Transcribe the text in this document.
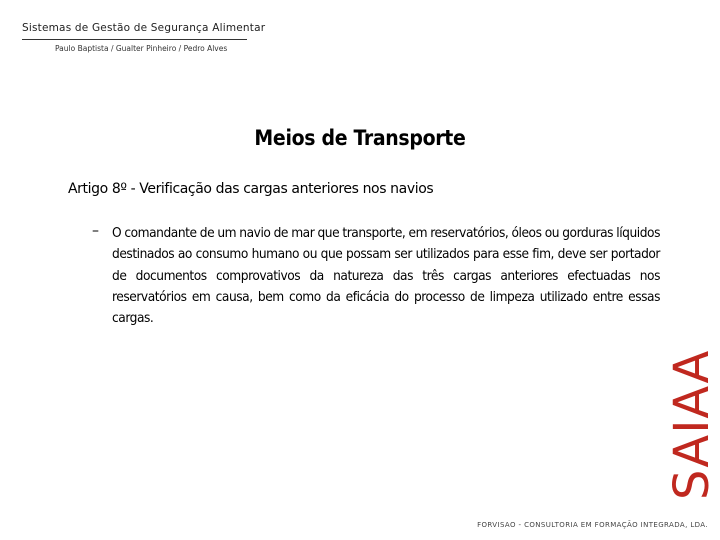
Sistemas de Gestão de Segurança Alimentar
Paulo Baptista / Gualter Pinheiro / Pedro Alves
Meios de Transporte
Artigo 8º - Verificação das cargas anteriores nos navios
– O comandante de um navio de mar que transporte, em reservatórios, óleos ou gorduras líquidos destinados ao consumo humano ou que possam ser utilizados para esse fim, deve ser portador de documentos comprovativos da natureza das três cargas anteriores efectuadas nos reservatórios em causa, bem como da eficácia do processo de limpeza utilizado entre essas cargas.
SAIAA
FORVISAO - CONSULTORIA EM FORMAÇÃO INTEGRADA, LDA.
